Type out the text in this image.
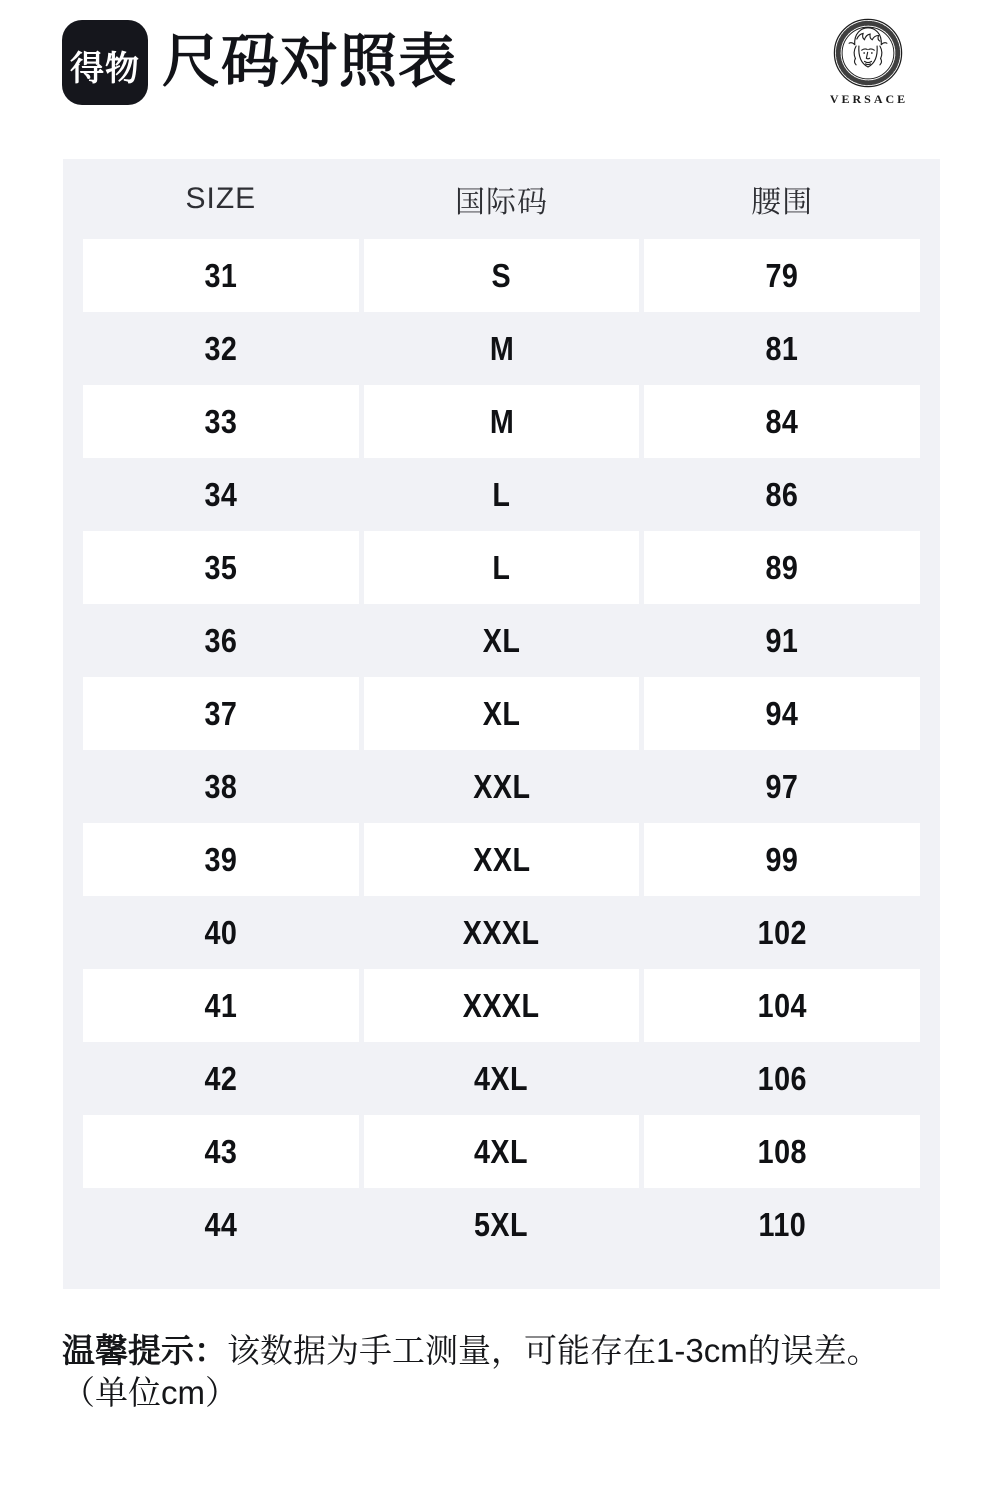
得物 尺码对照表
VERSACE
SIZE	国际码	腰围
31	S	79
32	M	81
33	M	84
34	L	86
35	L	89
36	XL	91
37	XL	94
38	XXL	97
39	XXL	99
40	XXXL	102
41	XXXL	104
42	4XL	106
43	4XL	108
44	5XL	110

温馨提示：该数据为手工测量，可能存在1-3cm的误差。

（单位cm）
